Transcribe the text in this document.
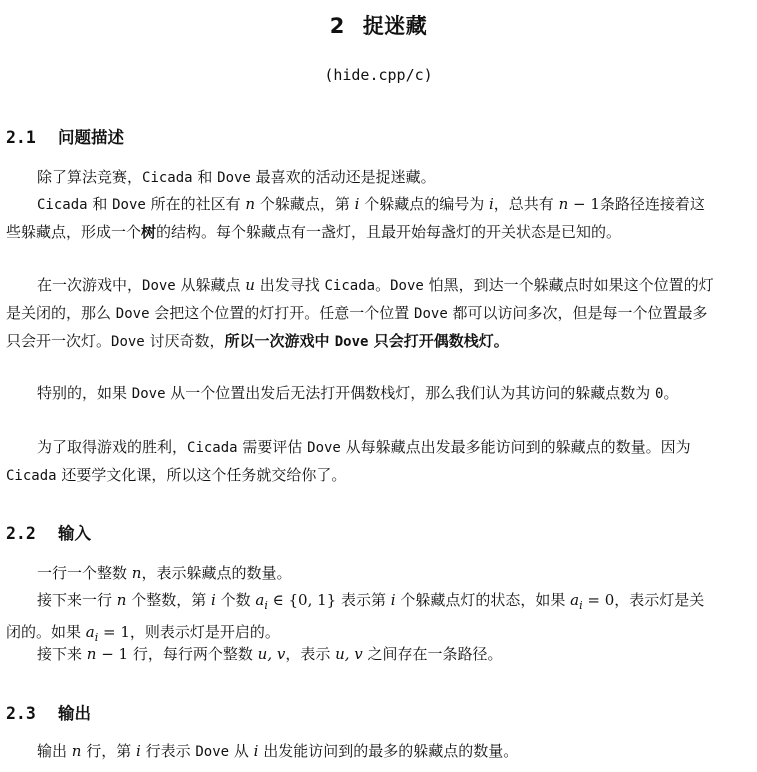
2 捉迷藏
(hide.cpp/c)
2.1 问题描述
除了算法竞赛，Cicada 和 Dove 最喜欢的活动还是捉迷藏。
Cicada 和 Dove 所在的社区有 n 个躲藏点，第 i 个躲藏点的编号为 i，总共有 n − 1条路径连接着这些躲藏点，形成一个树的结构。每个躲藏点有一盏灯，且最开始每盏灯的开关状态是已知的。
在一次游戏中，Dove 从躲藏点 u 出发寻找 Cicada。Dove 怕黑，到达一个躲藏点时如果这个位置的灯是关闭的，那么 Dove 会把这个位置的灯打开。任意一个位置 Dove 都可以访问多次，但是每一个位置最多只会开一次灯。Dove 讨厌奇数，所以一次游戏中 Dove 只会打开偶数栈灯。
特别的，如果 Dove 从一个位置出发后无法打开偶数栈灯，那么我们认为其访问的躲藏点数为 0。
为了取得游戏的胜利，Cicada 需要评估 Dove 从每躲藏点出发最多能访问到的躲藏点的数量。因为 Cicada 还要学文化课，所以这个任务就交给你了。
2.2 输入
一行一个整数 n，表示躲藏点的数量。
接下来一行 n 个整数，第 i 个数 $a_i$ ∈ {0, 1} 表示第 i 个躲藏点灯的状态，如果 $a_i = 0$，表示灯是关闭的。如果 $a_i = 1$，则表示灯是开启的。
接下来 n − 1 行，每行两个整数 u, v，表示 u, v 之间存在一条路径。
2.3 输出
输出 n 行，第 i 行表示 Dove 从 i 出发能访问到的最多的躲藏点的数量。
